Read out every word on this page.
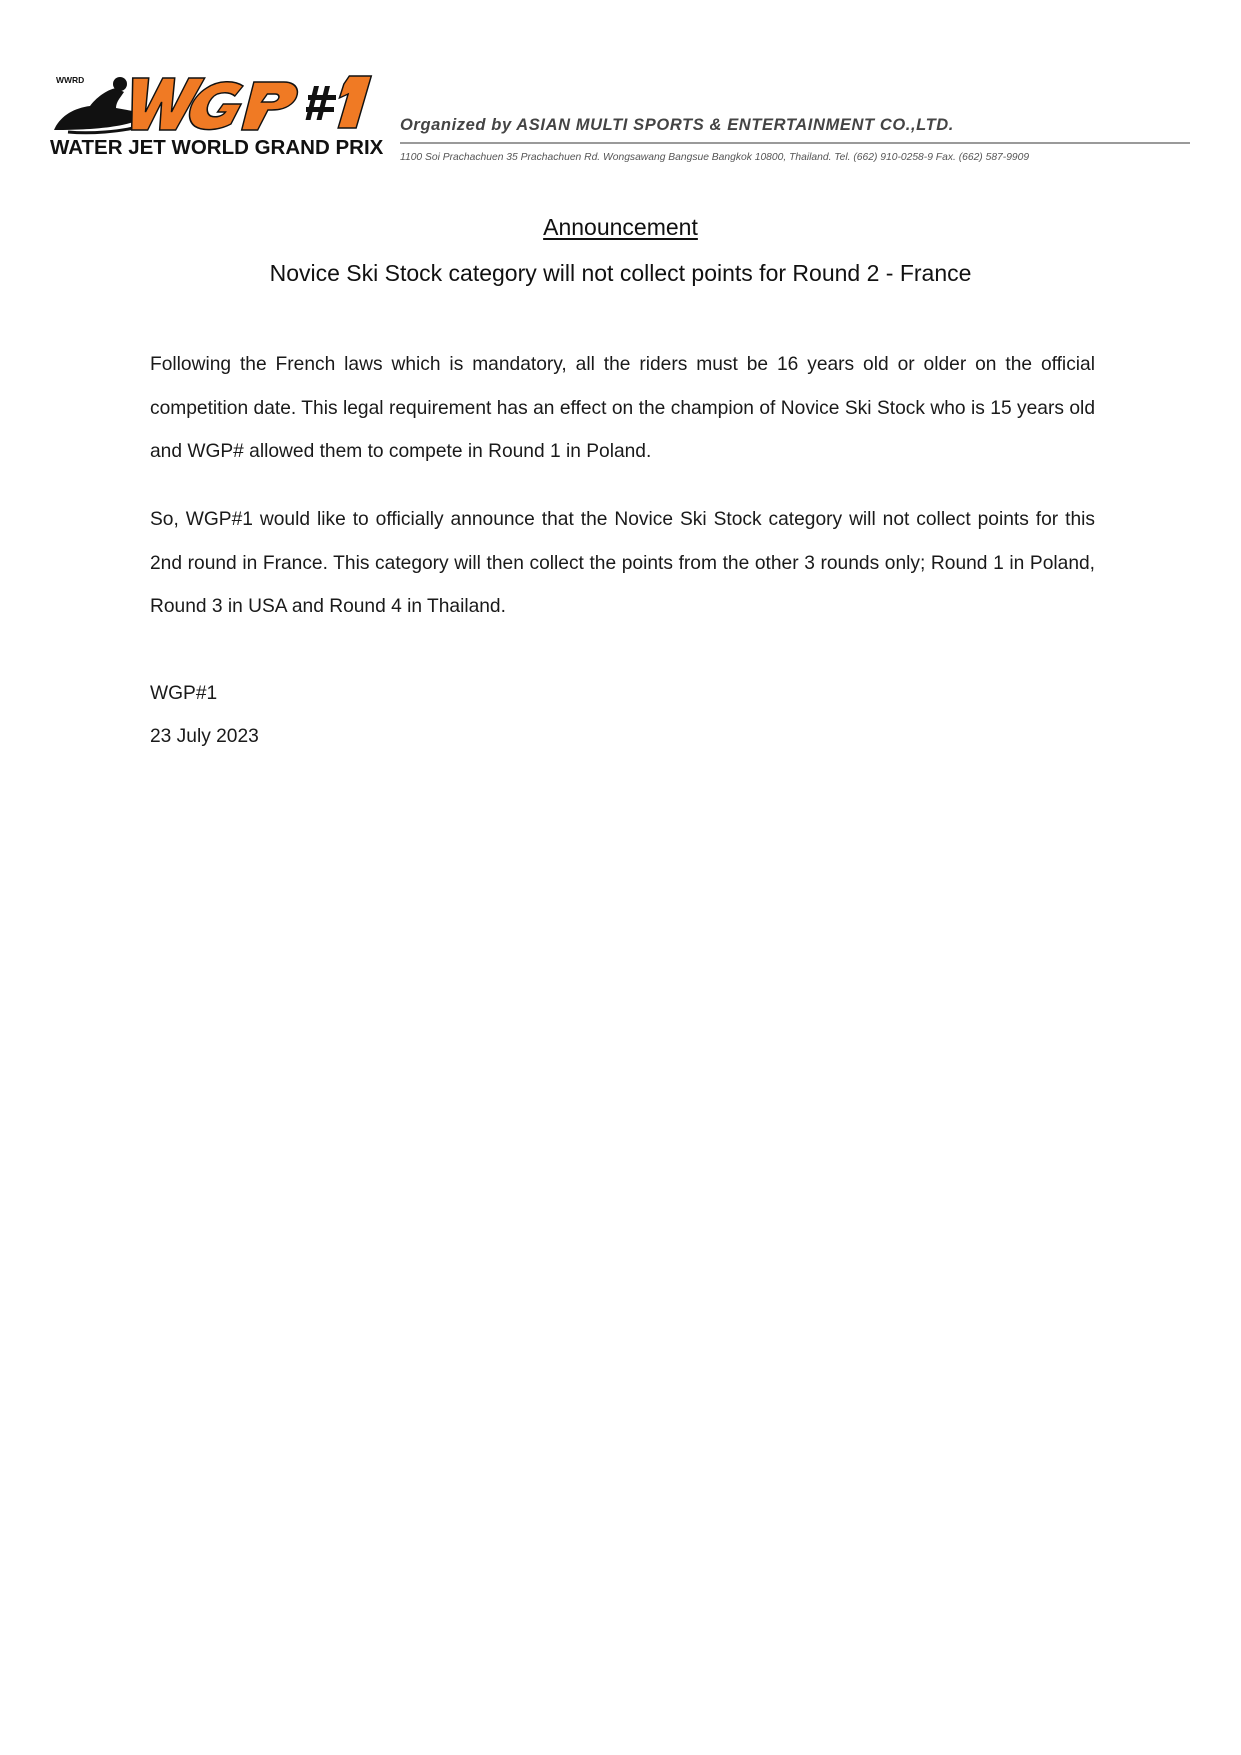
WWRD
WATER JET WORLD GRAND PRIX
Organized by ASIAN MULTI SPORTS & ENTERTAINMENT CO.,LTD.
1100 Soi Prachachuen 35 Prachachuen Rd. Wongsawang Bangsue Bangkok 10800, Thailand. Tel. (662) 910-0258-9 Fax. (662) 587-9909
Announcement
Novice Ski Stock category will not collect points for Round 2 - France

Following the French laws which is mandatory, all the riders must be 16 years old or older on the official competition date. This legal requirement has an effect on the champion of Novice Ski Stock who is 15 years old and WGP# allowed them to compete in Round 1 in Poland.

So, WGP#1 would like to officially announce that the Novice Ski Stock category will not collect points for this 2nd round in France. This category will then collect the points from the other 3 rounds only; Round 1 in Poland, Round 3 in USA and Round 4 in Thailand.

WGP#1
23 July 2023
